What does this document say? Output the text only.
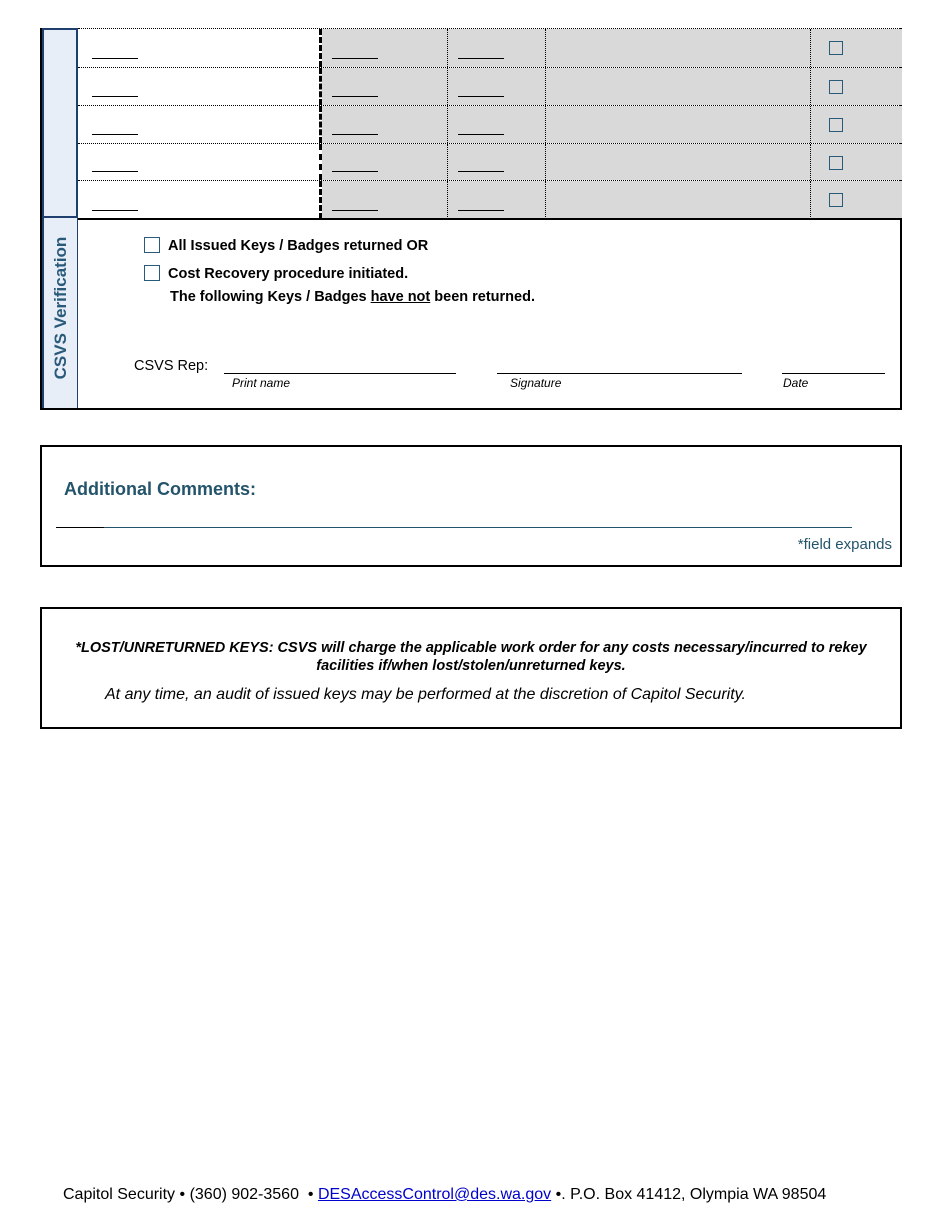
CSVS Verification	All Issued Keys / Badges returned OR
Cost Recovery procedure initiated.
The following Keys / Badges have not been returned.
CSVS Rep:
Print name	Signature	Date
Additional Comments:
*field expands
*LOST/UNRETURNED KEYS: CSVS will charge the applicable work order for any costs necessary/incurred to rekey facilities if/when lost/stolen/unreturned keys.
At any time, an audit of issued keys may be performed at the discretion of Capitol Security.
Capitol Security • (360) 902-3560 • DESAccessControl@des.wa.gov •. P.O. Box 41412, Olympia WA 98504
